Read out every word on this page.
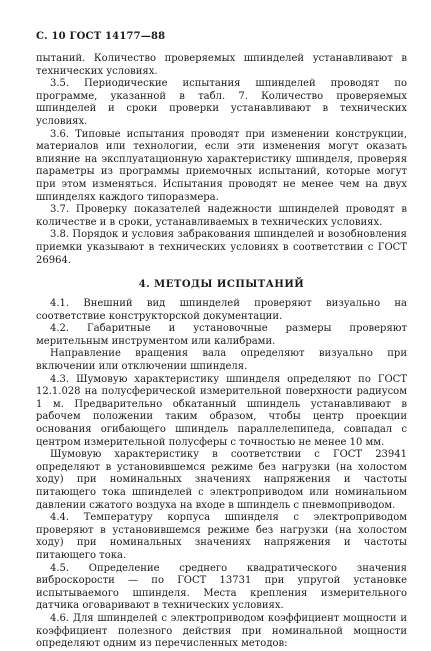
С. 10 ГОСТ 14177—88

пытаний. Количество проверяемых шпинделей устанавливают в технических условиях.

3.5. Периодические испытания шпинделей проводят по программе, указанной в табл. 7. Количество проверяемых шпинделей и сроки проверки устанавливают в технических условиях.

3.6. Типовые испытания проводят при изменении конструкции, материалов или технологии, если эти изменения могут оказать влияние на эксплуатационную характеристику шпинделя, проверяя параметры из программы приемочных испытаний, которые могут при этом изменяться. Испытания проводят не менее чем на двух шпинделях каждого типоразмера.

3.7. Проверку показателей надежности шпинделей проводят в количестве и в сроки, устанавливаемых в технических условиях.

3.8. Порядок и условия забракования шпинделей и возобновления приемки указывают в технических условиях в соответствии с ГОСТ 26964.

4. МЕТОДЫ ИСПЫТАНИЙ

4.1. Внешний вид шпинделей проверяют визуально на соответствие конструкторской документации.

4.2. Габаритные и установочные размеры проверяют мерительным инструментом или калибрами.

Направление вращения вала определяют визуально при включении или отключении шпинделя.

4.3. Шумовую характеристику шпинделя определяют по ГОСТ 12.1.028 на полусферической измерительной поверхности радиусом 1 м. Предварительно обкатанный шпиндель устанавливают в рабочем положении таким образом, чтобы центр проекции основания огибающего шпиндель параллелепипеда, совпадал с центром измерительной полусферы с точностью не менее 10 мм.

Шумовую характеристику в соответствии с ГОСТ 23941 определяют в установившемся режиме без нагрузки (на холостом ходу) при номинальных значениях напряжения и частоты питающего тока шпинделей с электроприводом или номинальном давлении сжатого воздуха на входе в шпиндель с пневмоприводом.

4.4. Температуру корпуса шпинделя с электроприводом проверяют в установившемся режиме без нагрузки (на холостом ходу) при номинальных значениях напряжения и частоты питающего тока.

4.5. Определение среднего квадратического значения виброскорости — по ГОСТ 13731 при упругой установке испытываемого шпинделя. Места крепления измерительного датчика оговаривают в технических условиях.

4.6. Для шпинделей с электроприводом коэффициент мощности и коэффициент полезного действия при номинальной мощности определяют одним из перечисленных методов:
